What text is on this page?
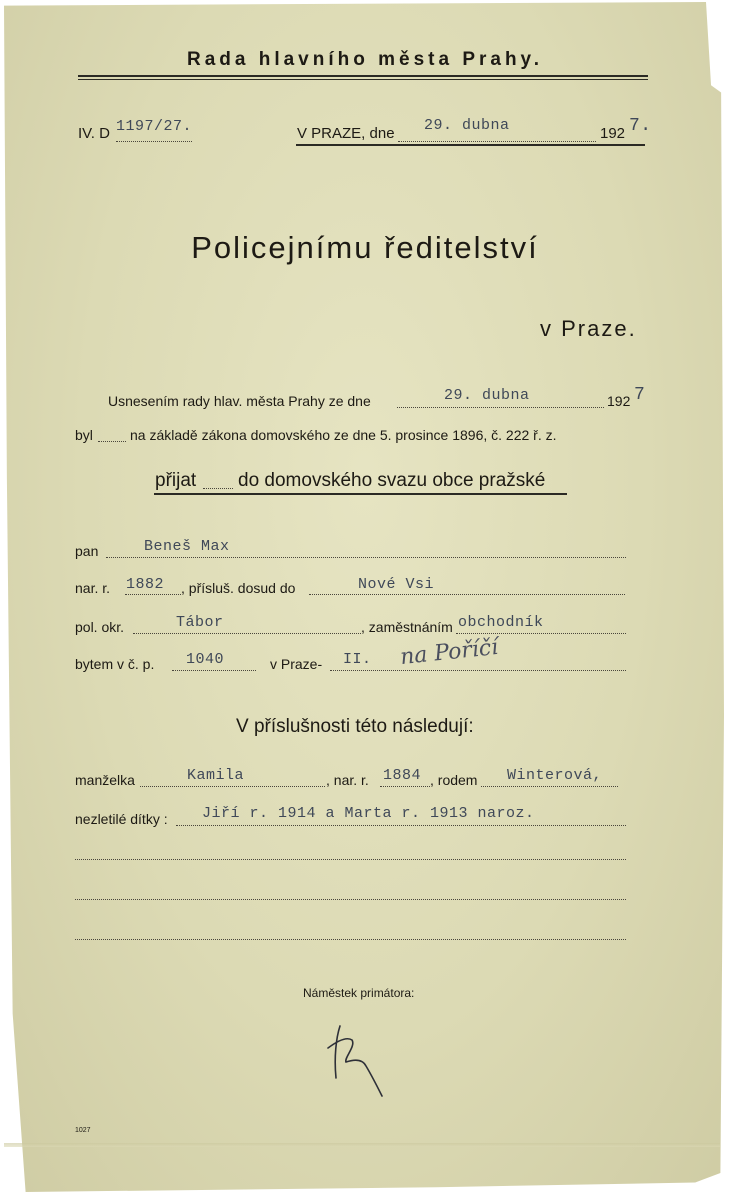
Rada hlavního města Prahy.
IV. D 1197/27.	V PRAZE, dne 29. dubna	192 7.
Policejnímu ředitelství
v Praze.
Usnesením rady hlav. města Prahy ze dne	29. dubna	192 7
byl	na základě zákona domovského ze dne 5. prosince 1896, č. 222 ř. z.
přijat do domovského svazu obce pražské
pan	Beneš Max
nar. r. 1882 , přísluš. dosud do	Nové Vsi
pol. okr.	Tábor	, zaměstnáním obchodník
bytem v č. p. 1040	v Praze- II. na Poříčí
V příslušnosti této následují:
manželka	Kamila	, nar. r. 1884 , rodem Winterová,
nezletilé dítky : Jiří r. 1914 a Marta r. 1913 naroz.
Náměstek primátora:
1027
